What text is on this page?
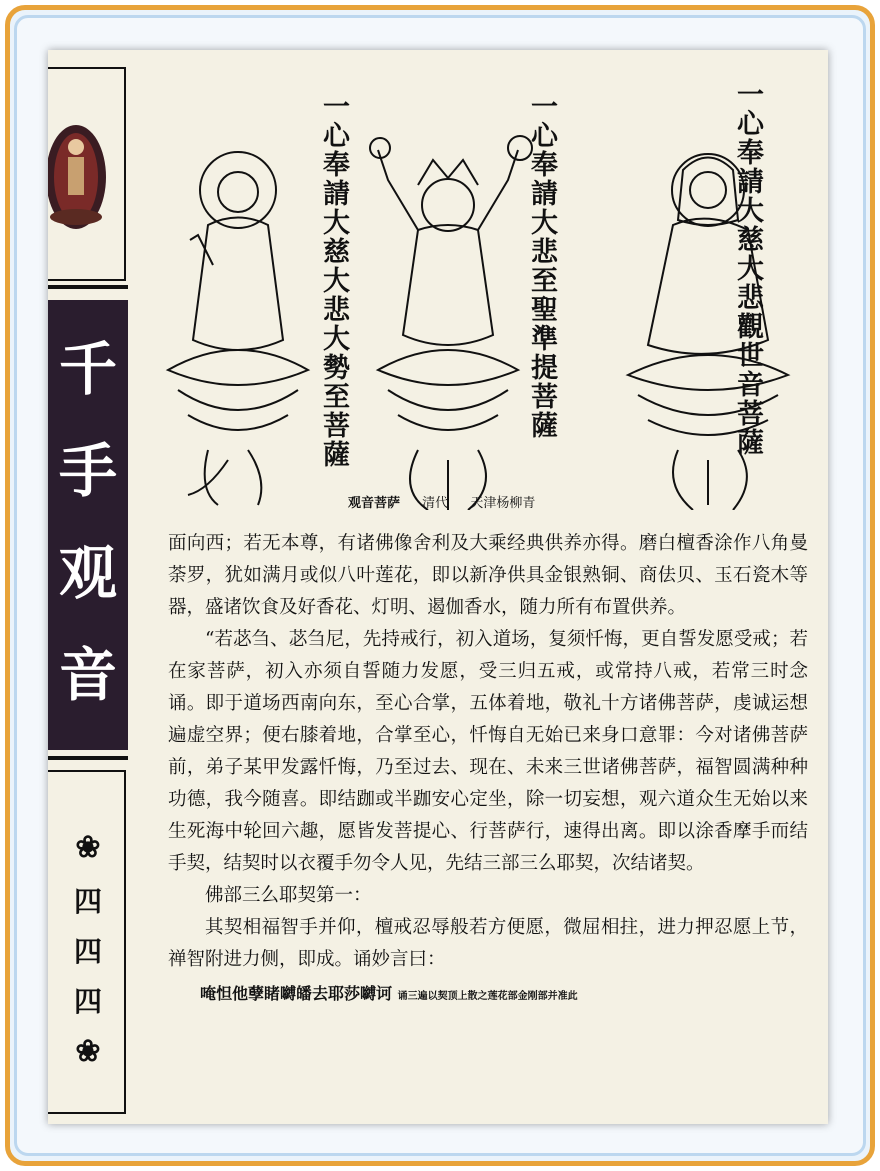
千
手
观
音
❀
四
四
四
❀
一心奉請大慈大悲大勢至菩薩	一心奉請大悲至聖準提菩薩	一心奉請大慈大悲觀世音菩薩
观音菩萨 清代 天津杨柳青

面向西；若无本尊，有诸佛像舍利及大乘经典供养亦得。磨白檀香涂作八角曼荼罗，犹如满月或似八叶莲花，即以新净供具金银熟铜、商佉贝、玉石瓷木等器，盛诸饮食及好香花、灯明、遏伽香水，随力所有布置供养。

“若苾刍、苾刍尼，先持戒行，初入道场，复须忏悔，更自誓发愿受戒；若在家菩萨，初入亦须自誓随力发愿，受三归五戒，或常持八戒，若常三时念诵。即于道场西南向东，至心合掌，五体着地，敬礼十方诸佛菩萨，虔诚运想遍虚空界；便右膝着地，合掌至心，忏悔自无始已来身口意罪：今对诸佛菩萨前，弟子某甲发露忏悔，乃至过去、现在、未来三世诸佛菩萨，福智圆满种种功德，我今随喜。即结跏或半跏安心定坐，除一切妄想，观六道众生无始以来生死海中轮回六趣，愿皆发菩提心、行菩萨行，速得出离。即以涂香摩手而结手契，结契时以衣覆手勿令人见，先结三部三么耶契，次结诸契。

佛部三么耶契第一：

其契相福智手并仰，檀戒忍辱般若方便愿，微屈相拄，进力押忍愿上节，禅智附进力侧，即成。诵妙言曰：

唵怛他孽睹嚩皤去耶莎嚩诃 诵三遍以契顶上散之莲花部金刚部并准此
